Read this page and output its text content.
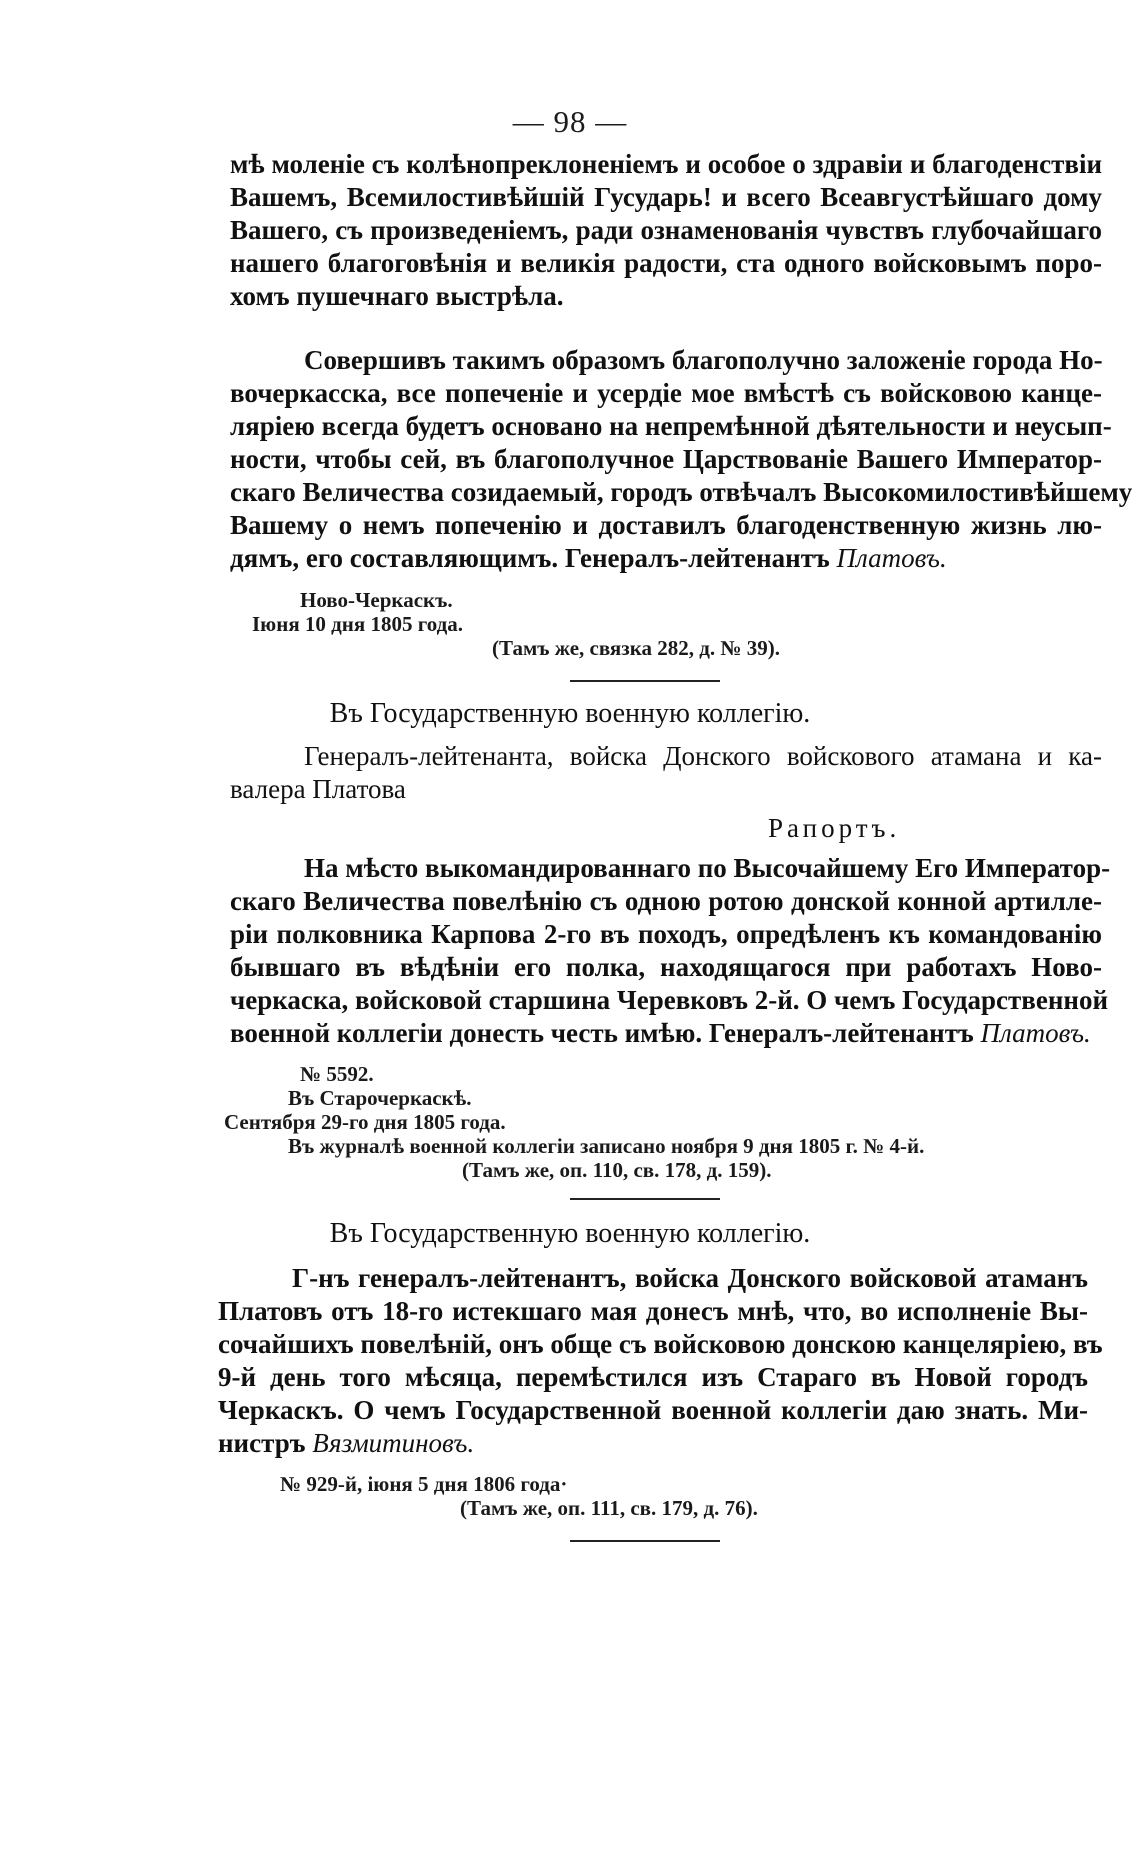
— 98 —
мѣ моленіе съ колѣнопреклоненіемъ и особое о здравіи и благоденствіи
Вашемъ, Всемилостивѣйшій Гусударь! и всего Всеавгустѣйшаго дому
Вашего, съ произведеніемъ, ради ознаменованія чувствъ глубочайшаго
нашего благоговѣнія и великія радости, ста одного войсковымъ поро-
хомъ пушечнаго выстрѣла.
Совершивъ такимъ образомъ благополучно заложеніе города Но-
вочеркасска, все попеченіе и усердіе мое вмѣстѣ съ войсковою канце-
ляріею всегда будетъ основано на непремѣнной дѣятельности и неусып-
ности, чтобы сей, въ благополучное Царствованіе Вашего Император-
скаго Величества созидаемый, городъ отвѣчалъ Высокомилостивѣйшему
Вашему о немъ попеченію и доставилъ благоденственную жизнь лю-
дямъ, его составляющимъ. Генералъ-лейтенантъ Платовъ.
Ново-Черкаскъ.
Іюня 10 дня 1805 года.
(Тамъ же, связка 282, д. № 39).
Въ Государственную военную коллегію.
Генералъ-лейтенанта, войска Донского войскового атамана и ка-
валера Платова
Рапортъ.
На мѣсто выкомандированнаго по Высочайшему Его Император-
скаго Величества повелѣнію съ одною ротою донской конной артилле-
ріи полковника Карпова 2-го въ походъ, опредѣленъ къ командованію
бывшаго въ вѣдѣніи его полка, находящагося при работахъ Ново-
черкаска, войсковой старшина Черевковъ 2-й. О чемъ Государственной
военной коллегіи донесть честь имѣю. Генералъ-лейтенантъ Платовъ.
№ 5592.
Въ Старочеркаскѣ.
Сентября 29-го дня 1805 года.
Въ журналѣ военной коллегіи записано ноября 9 дня 1805 г. № 4-й.
(Тамъ же, оп. 110, св. 178, д. 159).
Въ Государственную военную коллегію.
Г-нъ генералъ-лейтенантъ, войска Донского войсковой атаманъ
Платовъ отъ 18-го истекшаго мая донесъ мнѣ, что, во исполненіе Вы-
сочайшихъ повелѣній, онъ обще съ войсковою донскою канцеляріею, въ
9-й день того мѣсяца, перемѣстился изъ Стараго въ Новой городъ
Черкаскъ. О чемъ Государственной военной коллегіи даю знать. Ми-
нистръ Вязмитиновъ.
№ 929-й, іюня 5 дня 1806 года·
(Тамъ же, оп. 111, св. 179, д. 76).
